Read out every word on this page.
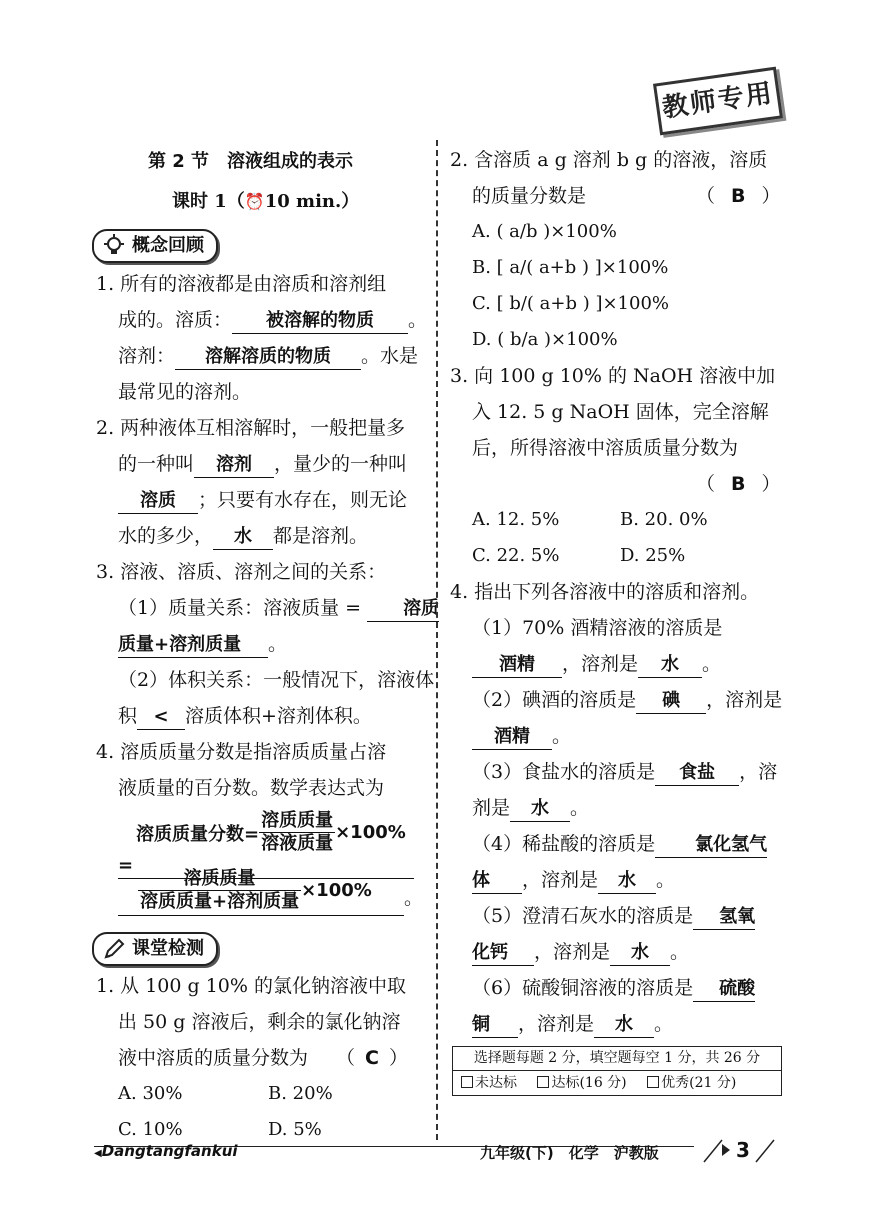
教师专用
第 2 节　溶液组成的表示
课时 1（⏰10 min.）
概念回顾
1. 所有的溶液都是由溶质和溶剂组
成的。溶质： 被溶解的物质 。
溶剂： 溶解溶质的物质 。水是
最常见的溶剂。
2. 两种液体互相溶解时，一般把量多
的一种叫 溶剂 ，量少的一种叫
溶质 ；只要有水存在，则无论
水的多少， 水 都是溶剂。
3. 溶液、溶质、溶剂之间的关系：
（1）质量关系：溶液质量 = 溶质
质量+溶剂质量 。
（2）体积关系：一般情况下，溶液体
积 < 溶质体积+溶剂体积。
4. 溶质质量分数是指溶质质量占溶
液质量的百分数。数学表达式为
溶质质量分数= $\frac{\text{溶质质量}}{\text{溶液质量}} \times 100\%$ =
$\frac{\text{溶质质量}}{\text{溶质质量+溶剂质量}} \times 100\%$	。
课堂检测
1. 从 100 g 10% 的氯化钠溶液中取
出 50 g 溶液后，剩余的氯化钠溶
液中溶质的质量分数为 （ C ）
A. 30%	B. 20%
C. 10%	D. 5%
2. 含溶质 a g 溶剂 b g 的溶液，溶质
的质量分数是	（ B ）
A. ( a/b )×100%
B. [ a/( a+b ) ]×100%
C. [ b/( a+b ) ]×100%
D. ( b/a )×100%
3. 向 100 g 10% 的 NaOH 溶液中加
入 12. 5 g NaOH 固体，完全溶解
后，所得溶液中溶质质量分数为
（ B ）
A. 12. 5%	B. 20. 0%
C. 22. 5%	D. 25%
4. 指出下列各溶液中的溶质和溶剂。
（1）70% 酒精溶液的溶质是
酒精 ，溶剂是 水 。
（2）碘酒的溶质是 碘 ，溶剂是
酒精 。
（3）食盐水的溶质是 食盐 ，溶
剂是 水 。
（4）稀盐酸的溶质是 氯化氢气
体 ，溶剂是 水 。
（5）澄清石灰水的溶质是 氢氧
化钙 ，溶剂是 水 。
（6）硫酸铜溶液的溶质是 硫酸
铜 ，溶剂是 水 。
选择题每题 2 分，填空题每空 1 分，共 26 分
未达标 达标(16 分) 优秀(21 分)
◀Dangtangfankui	九年级(下)　化学　沪教版	3
